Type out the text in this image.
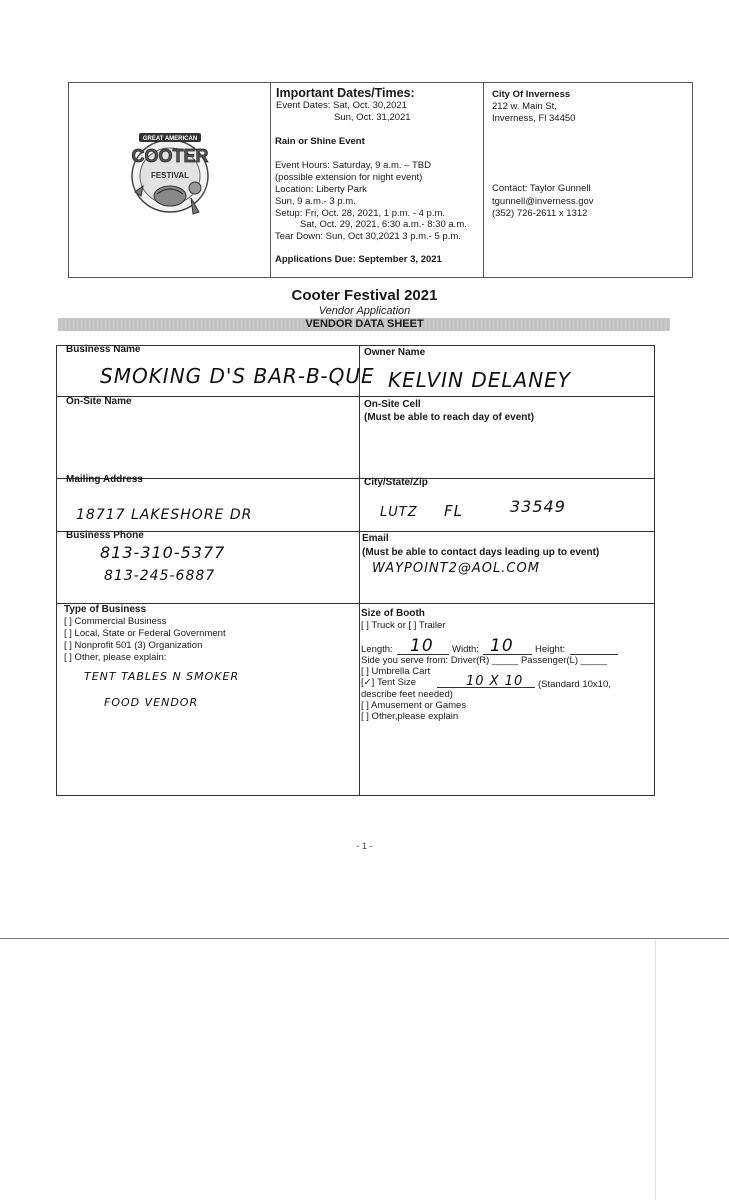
GREAT AMERICAN
COOTER
FESTIVAL
Important Dates/Times:
Event Dates: Sat, Oct. 30,2021
Sun, Oct. 31,2021
Rain or Shine Event
Event Hours: Saturday, 9 a.m. – TBD
(possible extension for night event)
Location: Liberty Park
Sun, 9 a.m.- 3 p.m.
Setup: Fri, Oct. 28, 2021, 1 p.m. - 4 p.m.
Sat, Oct. 29, 2021, 6:30 a.m.- 8:30 a.m.
Tear Down: Sun, Oct 30,2021 3 p.m.- 5 p.m.
Applications Due: September 3, 2021
City Of Inverness
212 w. Main St,
Inverness, Fl 34450
Contact: Taylor Gunnell
tgunnell@inverness.gov
(352) 726-2611 x 1312
Cooter Festival 2021
Vendor Application
VENDOR DATA SHEET
Business Name
SMOKING D'S BAR-B-QUE
Owner Name
KELVIN DELANEY
On-Site Name	On-Site Cell
(Must be able to reach day of event)
Mailing Address
18717 LAKESHORE DR
City/State/Zip
LUTZ FL	33549
Business Phone
813-310-5377
813-245-6887
Email
(Must be able to contact days leading up to event)
WAYPOINT2@AOL.COM
Type of Business
[ ] Commercial Business
[ ] Local, State or Federal Government
[ ] Nonprofit 501 (3) Organization
[ ] Other, please explain:
TENT TABLES N SMOKER
FOOD VENDOR
Size of Booth
[ ] Truck or [ ] Trailer
Length: 10 Width: 10 Height:
Side you serve from: Driver(R) _____ Passenger(L) _____
[ ] Umbrella Cart
[✓] Tent Size	10 X 10 (Standard 10x10,
describe feet needed)
[ ] Amusement or Games
[ ] Other,please explain
- 1 -
